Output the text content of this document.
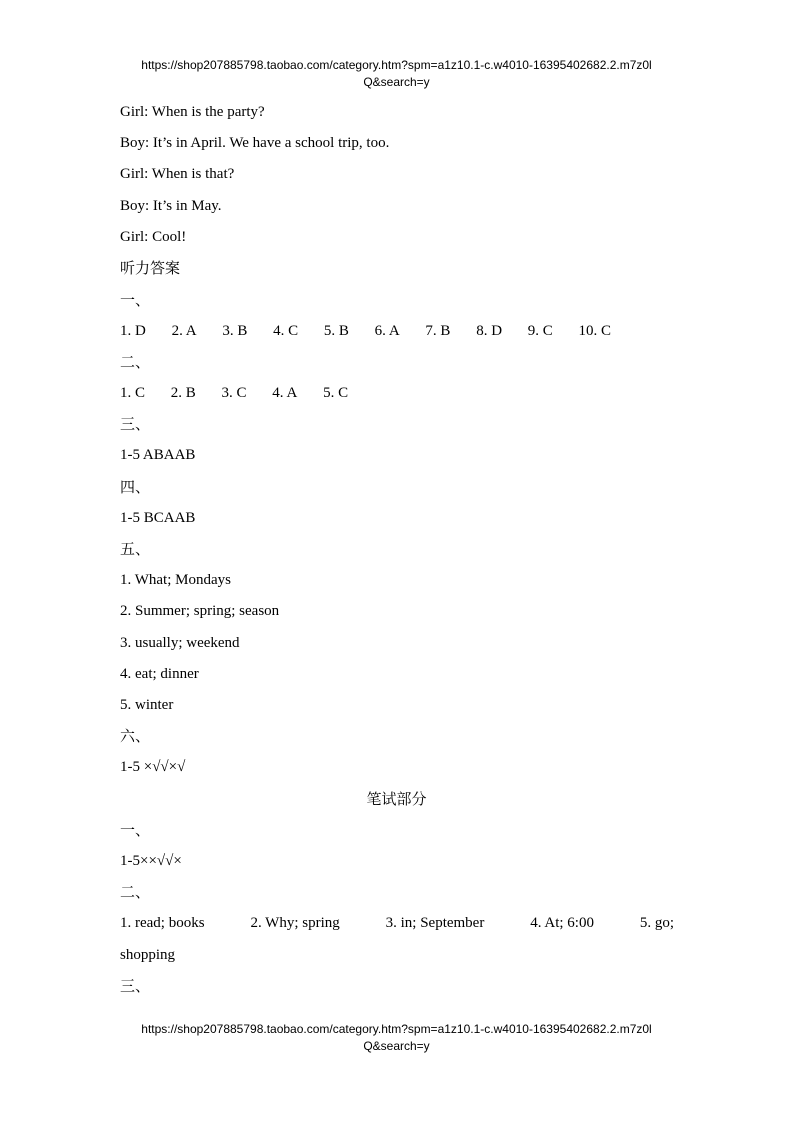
https://shop207885798.taobao.com/category.htm?spm=a1z10.1-c.w4010-16395402682.2.m7z0l
Q&search=y
Girl: When is the party?
Boy: It’s in April. We have a school trip, too.
Girl: When is that?
Boy: It’s in May.
Girl: Cool!
听力答案
一、
1. D 2. A 3. B 4. C 5. B 6. A 7. B 8. D 9. C 10. C
二、
1. C 2. B 3. C 4. A 5. C
三、
1-5 ABAAB
四、
1-5 BCAAB
五、
1. What; Mondays
2. Summer; spring; season
3. usually; weekend
4. eat; dinner
5. winter
六、
1-5 ×√√×√
笔试部分
一、
1-5××√√×
二、
1. read; books	2. Why; spring	3. in; September	4. At; 6:00	5. go;
shopping
三、
https://shop207885798.taobao.com/category.htm?spm=a1z10.1-c.w4010-16395402682.2.m7z0l
Q&search=y
